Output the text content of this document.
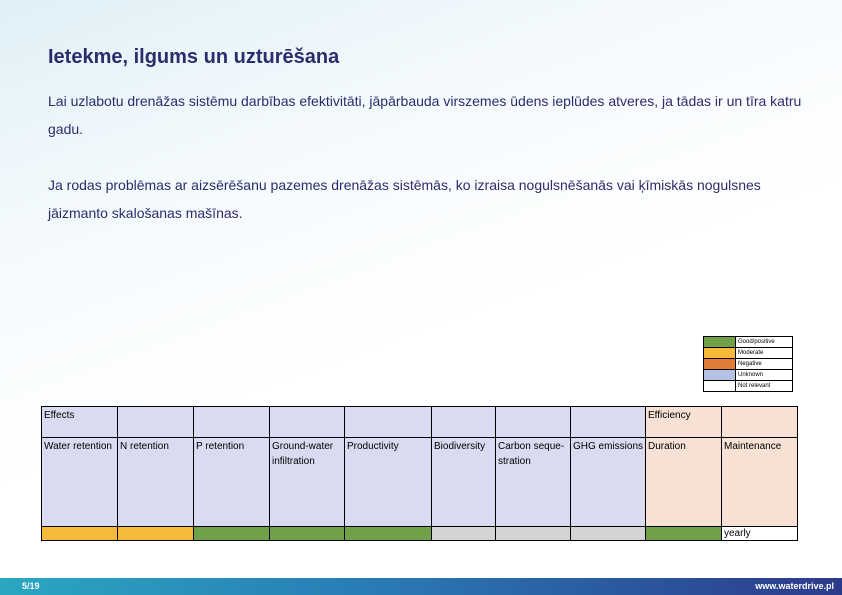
Ietekme, ilgums un uzturēšana

Lai uzlabotu drenāžas sistēmu darbības efektivitāti, jāpārbauda virszemes ūdens ieplūdes atveres, ja tādas ir un tīra katru gadu.

Ja rodas problēmas ar aizsērēšanu pazemes drenāžas sistēmās, ko izraisa nogulsnēšanās vai ķīmiskās nogulsnes jāizmanto skalošanas mašīnas.

	Good/positive
	Moderate
	Negative
	Unknown
	Not relevant
Effects								Efficiency	
Water retention	N retention	P retention	Ground-water infiltration	Productivity	Biodiversity	Carbon seque-stration	GHG emissions	Duration	Maintenance
									yearly
5/19	www.waterdrive.pl
